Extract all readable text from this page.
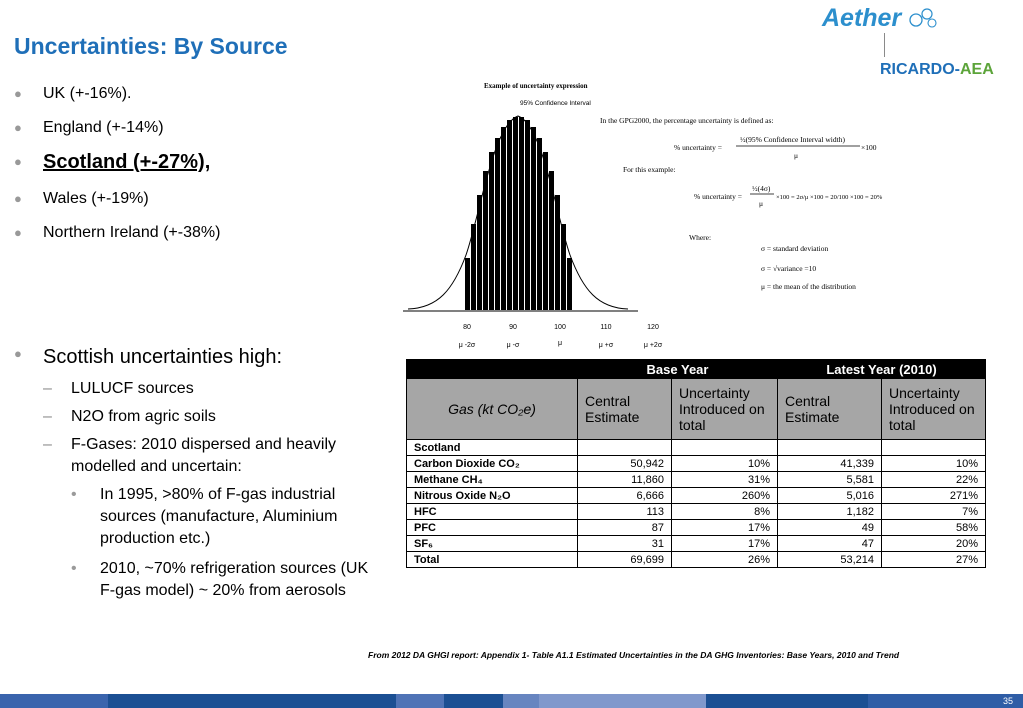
Uncertainties: By Source
Aether
RICARDO-AEA
● UK (+-16%).
● England (+-14%)
● Scotland (+-27%),
● Wales (+-19%)
● Northern Ireland (+-38%)
● Scottish uncertainties high:
– LULUCF sources
– N2O from agric soils
– F-Gases: 2010 dispersed and heavily modelled and uncertain:
• In 1995, >80% of F-gas industrial sources (manufacture, Aluminium production etc.)
• 2010, ~70% refrigeration sources (UK F-gas model) ~ 20% from aerosols
Example of uncertainty expression
95% Confidence Interval
80	90	100	110	120
μ -2σ	μ -σ	μ	μ +σ	μ +2σ
In the GPG2000, the percentage uncertainty is defined as:
% uncertainty =
½(95% Confidence Interval width)
μ
×100
For this example:
% uncertainty =
½(4σ)
μ
×100 = 2σ/μ ×100 = 20/100 ×100 = 20%
Where:
σ = standard deviation
σ = √variance =10
μ = the mean of the distribution
	Base Year		Latest Year (2010)	
Gas (kt CO₂e)	Central Estimate	Uncertainty Introduced on total	Central Estimate	Uncertainty Introduced on total
Scotland				
Carbon Dioxide CO₂	50,942	10%	41,339	10%
Methane CH₄	11,860	31%	5,581	22%
Nitrous Oxide N₂O	6,666	260%	5,016	271%
HFC	113	8%	1,182	7%
PFC	87	17%	49	58%
SF₆	31	17%	47	20%
Total	69,699	26%	53,214	27%
From 2012 DA GHGI report: Appendix 1- Table A1.1 Estimated Uncertainties in the DA GHG Inventories: Base Years, 2010 and Trend
35
